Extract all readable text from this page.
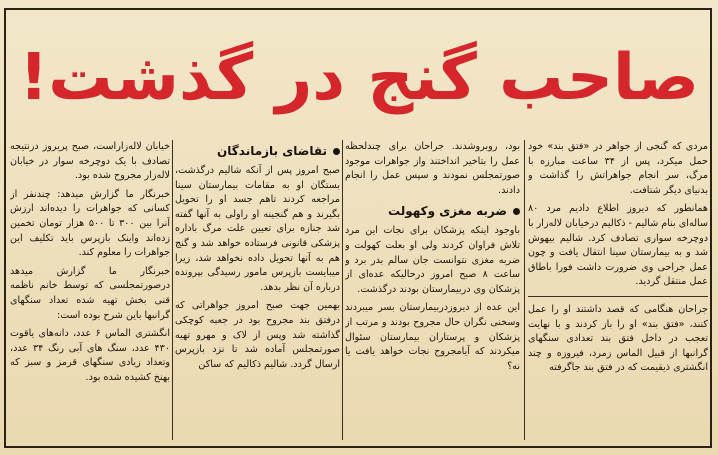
صاحب گنج در گذشت!
مردی که گنجی از جواهر در «فتق بند» خود حمل میکرد، پس از ۳۴ ساعت مبارزه با مرگ، سر انجام جواهراتش را گذاشت و بدنیای دیگر شتافت.
همانطور که دیروز اطلاع دادیم مرد ۸۰ ساله‌ای بنام شالیم - ذکالیم درخیابان لاله‌زار با دوچرخه سواری تصادف کرد. شالیم بیهوش شد و به بیمارستان سینا انتقال یافت و چون عمل جراحی وی ضرورت داشت فورا باطاق عمل منتقل گردید.
جراحان هنگامی که قصد داشتند او را عمل کنند، «فتق بند» او را باز کردند و با نهایت تعجب در داخل فتق بند تعدادی سنگهای گرانبها از قبیل الماس زمرد، فیروزه و چند انگشتری ذیقیمت که در فتق بند جاگرفته
بود، روبروشدند. جراحان برای چندلحظه عمل را بتاخیر انداختند واز جواهرات موجود صورتمجلس نمودند و سپس عمل را انجام دادند.
ضربه مغزی وکهولت
باوجود اینکه پزشکان برای نجات این مرد تلاش فراوان کردند ولی او بعلت کهولت و ضربه مغزی نتوانست جان سالم بدر برد و ساعت ۸ صبح امروز درحالیکه عده‌ای از پزشکان وی دربیمارستان بودند درگذشت.
این عده از دیروزدربیمارستان بسر میبردند وسخنی نگران حال مجروح بودند و مرتب از پزشکان و پرستاران بیمارستان سئوال میکردند که آیامجروح نجات خواهد یافت یا نه؟
تقاضای بازماندگان
صبح امروز پس از آنکه شالیم درگذشت، بستگان او به مقامات بیمارستان سینا مراجعه کردند تاهم جسد او را تحویل بگیرند و هم گنجینه او راولی به آنها گفته شد جنازه برای تعیین علت مرگ باداره پزشکی قانونی فرستاده خواهد شد و گنج هم به آنها تحویل داده نخواهد شد، زیرا میبایست بازپرس مامور رسیدگی بپرونده درباره آن نظر بدهد.
بهمین جهت صبح امروز جواهراتی که درفتق بند مجروح بود در جعبه کوچکی گذاشته شد وپس از لاک و مهرو تهیه صورتمجلس آماده شد تا نزد بازپرس ارسال گردد. شالیم ذکالیم که ساکن
خیابان لاله‌زاراست، صبح پریروز درنتیجه تصادف با یک دوچرخه سوار در خیابان لاله‌زار مجروح شده بود.
خبرنگار ما گزارش میدهد: چندنفر از کسانی که جواهرات را دیده‌اند ارزش آنرا بین ۳۰۰ تا ۵۰۰ هزار تومان تخمین زده‌اند واینک بازپرس باید تکلیف این جواهرات را معلوم کند.
خبرنگار ما گزارش میدهد درصورتمجلسی که توسط خانم ناظمه قنی بخش تهیه شده تعداد سنگهای گرانبها باین شرح بوده است:
انگشتری الماس ۶ عدد، دانه‌های یاقوت ۴۳۰ عدد، سنگ های آبی رنگ ۳۴ عدد، وتعداد زیادی سنگهای قرمز و سبز که بهنخ کشیده شده بود.
